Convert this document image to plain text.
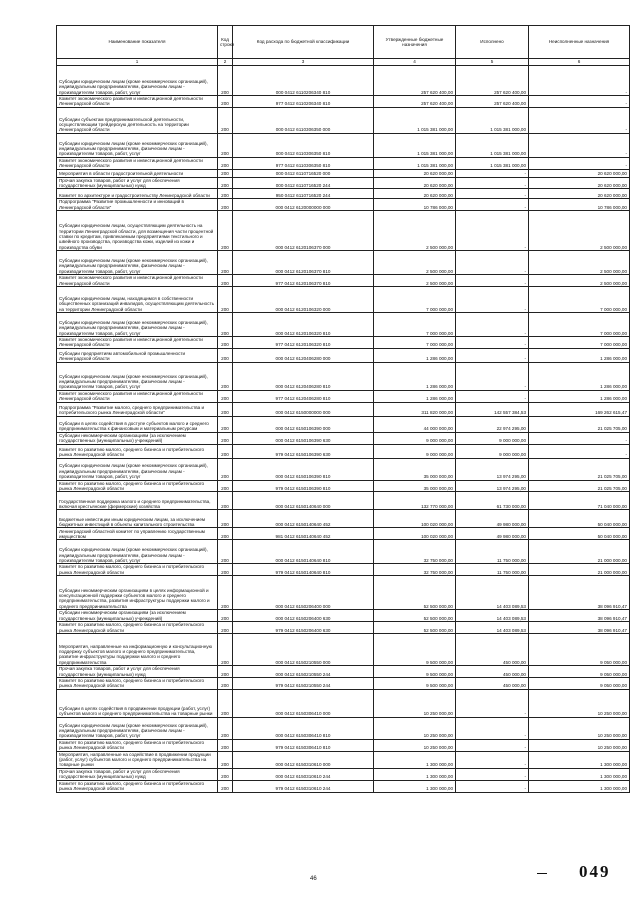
Наименование показателя	Код строки	Код расхода по бюджетной классификации	Утвержденные бюджетные назначения	Исполнено	Неисполненные назначения
1	2	3	4	5	6
Субсидии юридическим лицам (кроме некоммерческих организаций), индивидуальным предпринимателям, физическим лицам - производителям товаров, работ, услуг	200	000 0412 6110206340 810	257 620 400,00	257 620 400,00	-
Комитет экономического развития и инвестиционной деятельности Ленинградской области	200	977 0412 6110206340 810	257 620 400,00	257 620 400,00	-
Субсидии субъектам предпринимательской деятельности, осуществляющим трейдерскую деятельность на территории Ленинградской области	200	000 0412 6110306350 000	1 015 381 000,00	1 015 381 000,00	-
Субсидии юридическим лицам (кроме некоммерческих организаций), индивидуальным предпринимателям, физическим лицам - производителям товаров, работ, услуг	200	000 0412 6110306350 810	1 015 381 000,00	1 015 381 000,00	-
Комитет экономического развития и инвестиционной деятельности Ленинградской области	200	977 0412 6110306350 810	1 015 381 000,00	1 015 381 000,00	-
Мероприятия в области градостроительной деятельности	200	000 0412 6110716520 000	20 620 000,00	-	20 620 000,00
Прочая закупка товаров, работ и услуг для обеспечения государственных (муниципальных) нужд	200	000 0412 6110716520 244	20 620 000,00	-	20 620 000,00
Комитет по архитектуре и градостроительству Ленинградской области	200	950 0412 6110716520 244	20 620 000,00	-	20 620 000,00
Подпрограмма "Развитие промышленности и инноваций в Ленинградской области"	200	000 0412 6120000000 000	10 786 000,00	-	10 786 000,00
Субсидии юридическим лицам, осуществляющим деятельность на территории Ленинградской области, для возмещения части процентной ставки по кредитам, привлекаемым предприятиями текстильного и швейного производства, производства кожи, изделий из кожи и производства обуви	200	000 0412 6120106370 000	2 500 000,00	-	2 500 000,00
Субсидии юридическим лицам (кроме некоммерческих организаций), индивидуальным предпринимателям, физическим лицам - производителям товаров, работ, услуг	200	000 0412 6120106370 810	2 500 000,00	-	2 500 000,00
Комитет экономического развития и инвестиционной деятельности Ленинградской области	200	977 0412 6120106370 810	2 500 000,00	-	2 500 000,00
Субсидии юридическим лицам, находящимся в собственности общественных организаций инвалидов, осуществляющим деятельность на территории Ленинградской области	200	000 0412 6120106320 000	7 000 000,00	-	7 000 000,00
Субсидии юридическим лицам (кроме некоммерческих организаций), индивидуальным предпринимателям, физическим лицам - производителям товаров, работ, услуг	200	000 0412 6120106320 810	7 000 000,00	-	7 000 000,00
Комитет экономического развития и инвестиционной деятельности Ленинградской области	200	977 0412 6120106320 810	7 000 000,00	-	7 000 000,00
Субсидии предприятиям автомобильной промышленности Ленинградской области	200	000 0412 6120406280 000	1 286 000,00	-	1 286 000,00
Субсидии юридическим лицам (кроме некоммерческих организаций), индивидуальным предпринимателям, физическим лицам - производителям товаров, работ, услуг	200	000 0412 6120406280 810	1 286 000,00	-	1 286 000,00
Комитет экономического развития и инвестиционной деятельности Ленинградской области	200	977 0412 6120406280 810	1 286 000,00	-	1 286 000,00
Подпрограмма "Развитие малого, среднего предпринимательства и потребительского рынка Ленинградской области"	200	000 0412 6150000000 000	311 820 000,00	142 557 384,53	169 262 615,47
Субсидии в целях содействия в доступе субъектов малого и среднего предпринимательства к финансовым и материальным ресурсам	200	000 0412 6150106390 000	44 000 000,00	22 974 295,00	21 025 705,00
Субсидии некоммерческим организациям (за исключением государственных (муниципальных) учреждений)	200	000 0412 6150106390 630	9 000 000,00	9 000 000,00	-
Комитет по развитию малого, среднего бизнеса и потребительского рынка Ленинградской области	200	979 0412 6150106390 630	9 000 000,00	9 000 000,00	-
Субсидии юридическим лицам (кроме некоммерческих организаций), индивидуальным предпринимателям, физическим лицам - производителям товаров, работ, услуг	200	000 0412 6150106390 810	35 000 000,00	13 974 295,00	21 025 705,00
Комитет по развитию малого, среднего бизнеса и потребительского рынка Ленинградской области	200	979 0412 6150106390 810	35 000 000,00	13 974 295,00	21 025 705,00
Государственная поддержка малого и среднего предпринимательства, включая крестьянские (фермерские) хозяйства	200	000 0412 6150140640 000	132 770 000,00	61 730 000,00	71 040 000,00
Бюджетные инвестиции иным юридическим лицам, за исключением бюджетных инвестиций в объекты капитального строительства	200	000 0412 6150140640 452	100 020 000,00	49 980 000,00	50 040 000,00
Ленинградский областной комитет по управлению государственным имуществом	200	981 0412 6150140640 452	100 020 000,00	49 980 000,00	50 040 000,00
Субсидии юридическим лицам (кроме некоммерческих организаций), индивидуальным предпринимателям, физическим лицам - производителям товаров, работ, услуг	200	000 0412 6150140640 810	32 750 000,00	11 750 000,00	21 000 000,00
Комитет по развитию малого, среднего бизнеса и потребительского рынка Ленинградской области	200	979 0412 6150140640 810	32 750 000,00	11 750 000,00	21 000 000,00
Субсидии некоммерческим организациям в целях информационной и консультационной поддержки субъектов малого и среднего предпринимательства, развития инфраструктуры поддержки малого и среднего предпринимательства	200	000 0412 6150206400 000	52 500 000,00	14 403 089,53	38 096 910,47
Субсидии некоммерческим организациям (за исключением государственных (муниципальных) учреждений)	200	000 0412 6150206400 630	52 500 000,00	14 403 089,53	38 096 910,47
Комитет по развитию малого, среднего бизнеса и потребительского рынка Ленинградской области	200	979 0412 6150206400 630	52 500 000,00	14 403 089,53	38 096 910,47
Мероприятия, направленные на информационную и консультационную поддержку субъектов малого и среднего предпринимательства, развитие инфраструктуры поддержки малого и среднего предпринимательства	200	000 0412 6150210550 000	9 500 000,00	450 000,00	9 050 000,00
Прочая закупка товаров, работ и услуг для обеспечения государственных (муниципальных) нужд	200	000 0412 6150210550 244	9 500 000,00	450 000,00	9 050 000,00
Комитет по развитию малого, среднего бизнеса и потребительского рынка Ленинградской области	200	979 0412 6150210550 244	9 500 000,00	450 000,00	9 050 000,00
Субсидии в целях содействия в продвижении продукции (работ, услуг) субъектов малого и среднего предпринимательства на товарные рынки	200	000 0412 6150306410 000	10 250 000,00	-	10 250 000,00
Субсидии юридическим лицам (кроме некоммерческих организаций), индивидуальным предпринимателям, физическим лицам - производителям товаров, работ, услуг	200	000 0412 6150306410 810	10 250 000,00	-	10 250 000,00
Комитет по развитию малого, среднего бизнеса и потребительского рынка Ленинградской области	200	979 0412 6150306410 810	10 250 000,00	-	10 250 000,00
Мероприятия, направленные на содействие в продвижении продукции (работ, услуг) субъектов малого и среднего предпринимательства на товарные рынки	200	000 0412 6150310610 000	1 300 000,00	-	1 300 000,00
Прочая закупка товаров, работ и услуг для обеспечения государственных (муниципальных) нужд	200	000 0412 6150310610 244	1 300 000,00	-	1 300 000,00
Комитет по развитию малого, среднего бизнеса и потребительского рынка Ленинградской области	200	979 0412 6150310610 244	1 300 000,00	-	1 300 000,00
46	049
